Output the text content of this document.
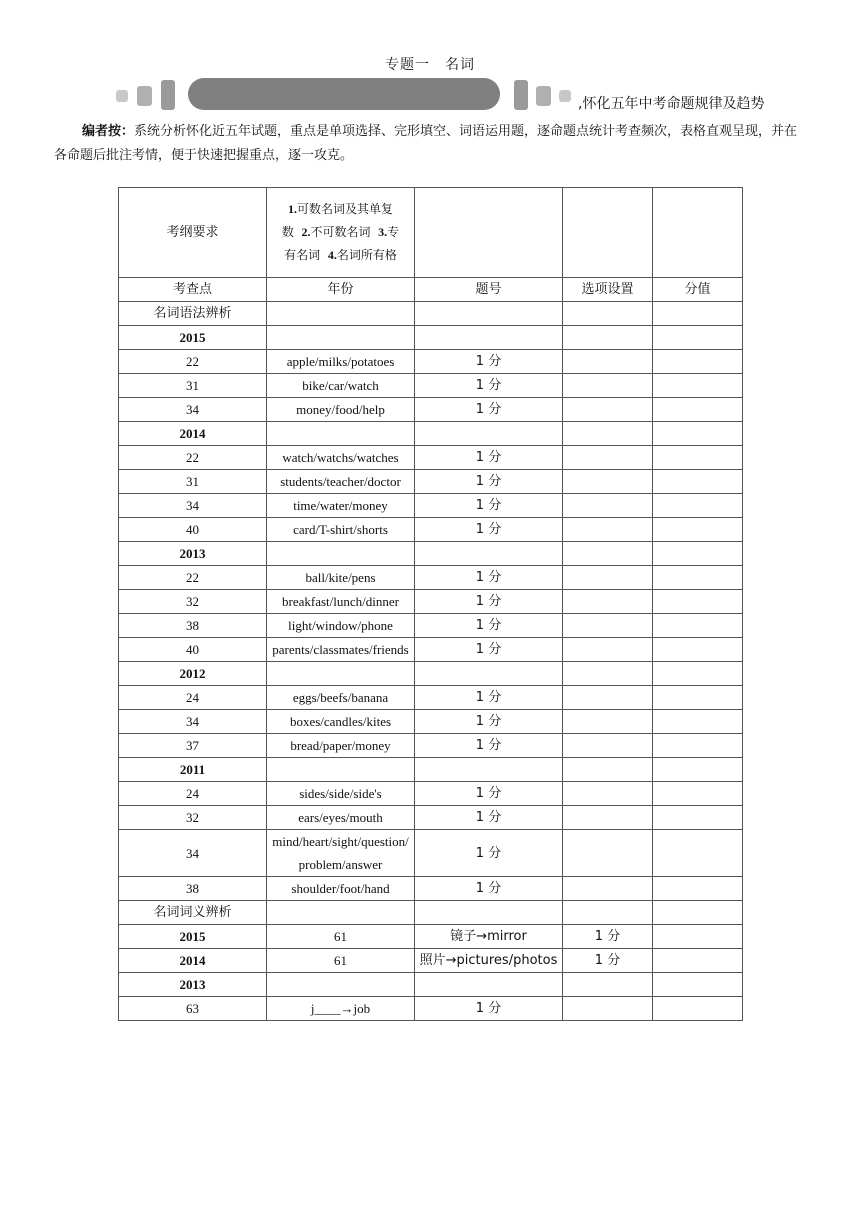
专题一　名词
,怀化五年中考命题规律及趋势
编者按：系统分析怀化近五年试题，重点是单项选择、完形填空、词语运用题，逐命题点统计考查频次，表格直观呈现，并在各命题后批注考情，便于快速把握重点，逐一攻克。
考纲要求	1.可数名词及其单复数 2.不可数名词 3.专有名词 4.名词所有格			
考查点	年份	题号	选项设置	分值
名词语法辨析				
2015				
22	apple/milks/potatoes	1 分		
31	bike/car/watch	1 分		
34	money/food/help	1 分		
2014				
22	watch/watchs/watches	1 分		
31	students/teacher/doctor	1 分		
34	time/water/money	1 分		
40	card/T-shirt/shorts	1 分		
2013				
22	ball/kite/pens	1 分		
32	breakfast/lunch/dinner	1 分		
38	light/window/phone	1 分		
40	parents/classmates/friends	1 分		
2012				
24	eggs/beefs/banana	1 分		
34	boxes/candles/kites	1 分		
37	bread/paper/money	1 分		
2011				
24	sides/side/side's	1 分		
32	ears/eyes/mouth	1 分		
34	mind/heart/sight/question/problem/answer	1 分		
38	shoulder/foot/hand	1 分		
名词词义辨析				
2015	61	镜子→mirror	1 分	
2014	61	照片→pictures/photos	1 分	
2013				
63	j____→job	1 分		
